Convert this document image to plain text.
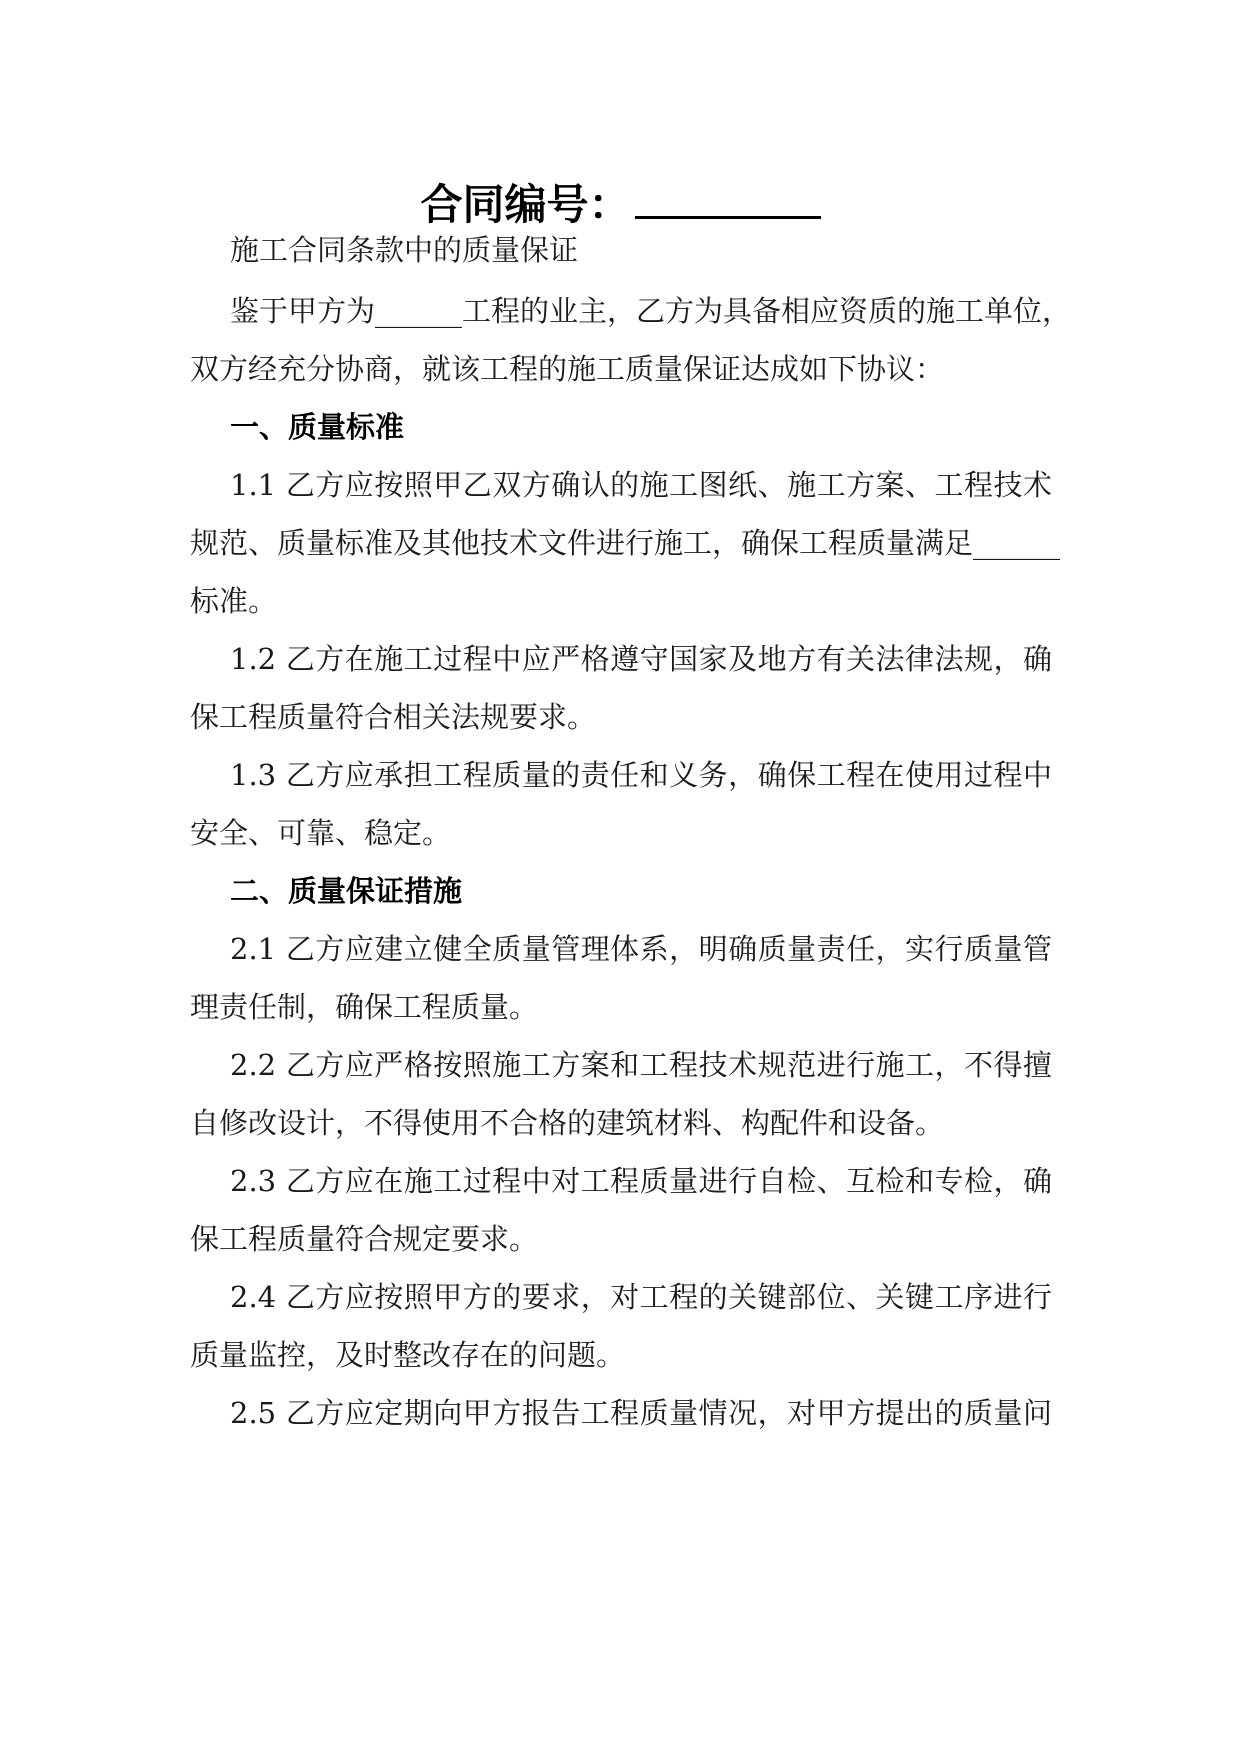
合同编号：
施工合同条款中的质量保证
鉴于甲方为______工程的业主，乙方为具备相应资质的施工单位，
双方经充分协商，就该工程的施工质量保证达成如下协议：
一、质量标准
1.1 乙方应按照甲乙双方确认的施工图纸、施工方案、工程技术
规范、质量标准及其他技术文件进行施工，确保工程质量满足______
标准。
1.2 乙方在施工过程中应严格遵守国家及地方有关法律法规，确
保工程质量符合相关法规要求。
1.3 乙方应承担工程质量的责任和义务，确保工程在使用过程中
安全、可靠、稳定。
二、质量保证措施
2.1 乙方应建立健全质量管理体系，明确质量责任，实行质量管
理责任制，确保工程质量。
2.2 乙方应严格按照施工方案和工程技术规范进行施工，不得擅
自修改设计，不得使用不合格的建筑材料、构配件和设备。
2.3 乙方应在施工过程中对工程质量进行自检、互检和专检，确
保工程质量符合规定要求。
2.4 乙方应按照甲方的要求，对工程的关键部位、关键工序进行
质量监控，及时整改存在的问题。
2.5 乙方应定期向甲方报告工程质量情况，对甲方提出的质量问
